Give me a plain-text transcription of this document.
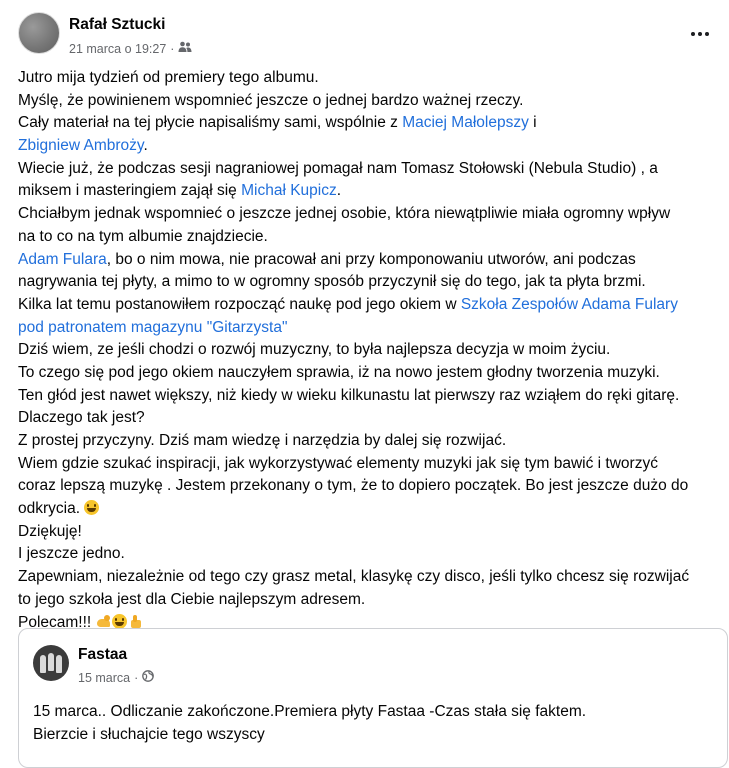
Rafał Sztucki
21 marca o 19:27 ·
Jutro mija tydzień od premiery tego albumu.
Myślę, że powinienem wspomnieć jeszcze o jednej bardzo ważnej rzeczy.
Cały materiał na tej płycie napisaliśmy sami, wspólnie z Maciej Małolepszy i
Zbigniew Ambroży.
Wiecie już, że podczas sesji nagraniowej pomagał nam Tomasz Stołowski (Nebula Studio) , a
miksem i masteringiem zajął się Michał Kupicz.
Chciałbym jednak wspomnieć o jeszcze jednej osobie, która niewątpliwie miała ogromny wpływ
na to co na tym albumie znajdziecie.
Adam Fulara, bo o nim mowa, nie pracował ani przy komponowaniu utworów, ani podczas
nagrywania tej płyty, a mimo to w ogromny sposób przyczynił się do tego, jak ta płyta brzmi.
Kilka lat temu postanowiłem rozpocząć naukę pod jego okiem w Szkoła Zespołów Adama Fulary
pod patronatem magazynu "Gitarzysta"
Dziś wiem, ze jeśli chodzi o rozwój muzyczny, to była najlepsza decyzja w moim życiu.
To czego się pod jego okiem nauczyłem sprawia, iż na nowo jestem głodny tworzenia muzyki.
Ten głód jest nawet większy, niż kiedy w wieku kilkunastu lat pierwszy raz wziąłem do ręki gitarę.
Dlaczego tak jest?
Z prostej przyczyny. Dziś mam wiedzę i narzędzia by dalej się rozwijać.
Wiem gdzie szukać inspiracji, jak wykorzystywać elementy muzyki jak się tym bawić i tworzyć
coraz lepszą muzykę . Jestem przekonany o tym, że to dopiero początek. Bo jest jeszcze dużo do
odkrycia.
Dziękuję!
I jeszcze jedno.
Zapewniam, niezależnie od tego czy grasz metal, klasykę czy disco, jeśli tylko chcesz się rozwijać
to jego szkoła jest dla Ciebie najlepszym adresem.
Polecam!!!
Fastaa
15 marca ·
15 marca.. Odliczanie zakończone.Premiera płyty Fastaa -Czas stała się faktem.
Bierzcie i słuchajcie tego wszyscy
